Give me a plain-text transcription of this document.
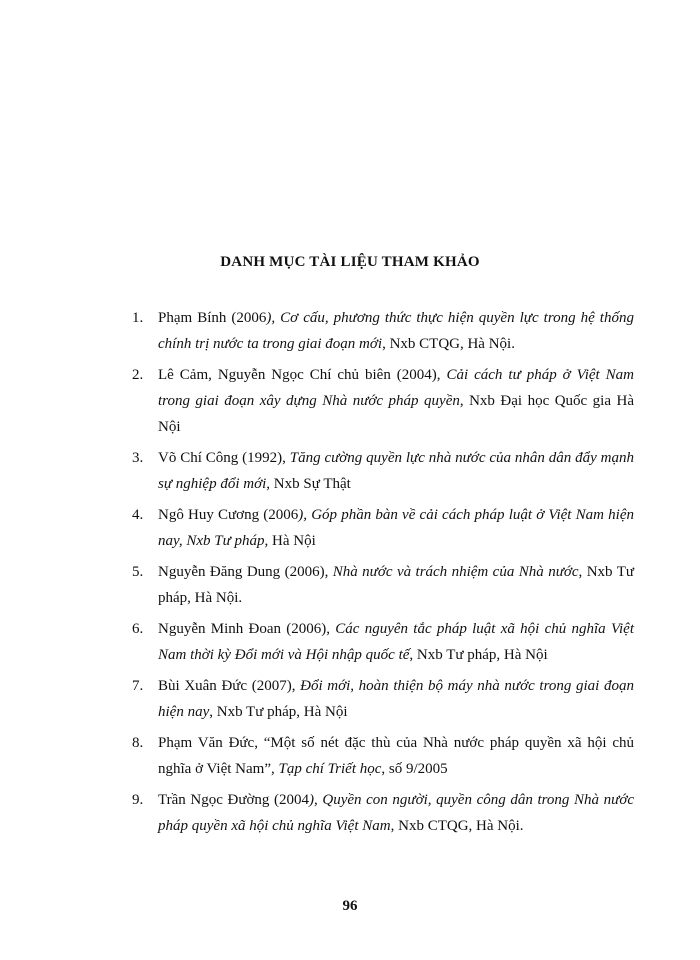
DANH MỤC TÀI LIỆU THAM KHẢO
1. Phạm Bính (2006), Cơ cấu, phương thức thực hiện quyền lực trong hệ thống chính trị nước ta trong giai đoạn mới, Nxb CTQG, Hà Nội.
2. Lê Cảm, Nguyễn Ngọc Chí chủ biên (2004), Cải cách tư pháp ở Việt Nam trong giai đoạn xây dựng Nhà nước pháp quyền, Nxb Đại học Quốc gia Hà Nội
3. Võ Chí Công (1992), Tăng cường quyền lực nhà nước của nhân dân đẩy mạnh sự nghiệp đổi mới, Nxb Sự Thật
4. Ngô Huy Cương (2006), Góp phần bàn về cải cách pháp luật ở Việt Nam hiện nay, Nxb Tư pháp, Hà Nội
5. Nguyễn Đăng Dung (2006), Nhà nước và trách nhiệm của Nhà nước, Nxb Tư pháp, Hà Nội.
6. Nguyễn Minh Đoan (2006), Các nguyên tắc pháp luật xã hội chủ nghĩa Việt Nam thời kỳ Đổi mới và Hội nhập quốc tế, Nxb Tư pháp, Hà Nội
7. Bùi Xuân Đức (2007), Đổi mới, hoàn thiện bộ máy nhà nước trong giai đoạn hiện nay, Nxb Tư pháp, Hà Nội
8. Phạm Văn Đức, “Một số nét đặc thù của Nhà nước pháp quyền xã hội chủ nghĩa ở Việt Nam”, Tạp chí Triết học, số 9/2005
9. Trần Ngọc Đường (2004), Quyền con người, quyền công dân trong Nhà nước pháp quyền xã hội chủ nghĩa Việt Nam, Nxb CTQG, Hà Nội.

96
